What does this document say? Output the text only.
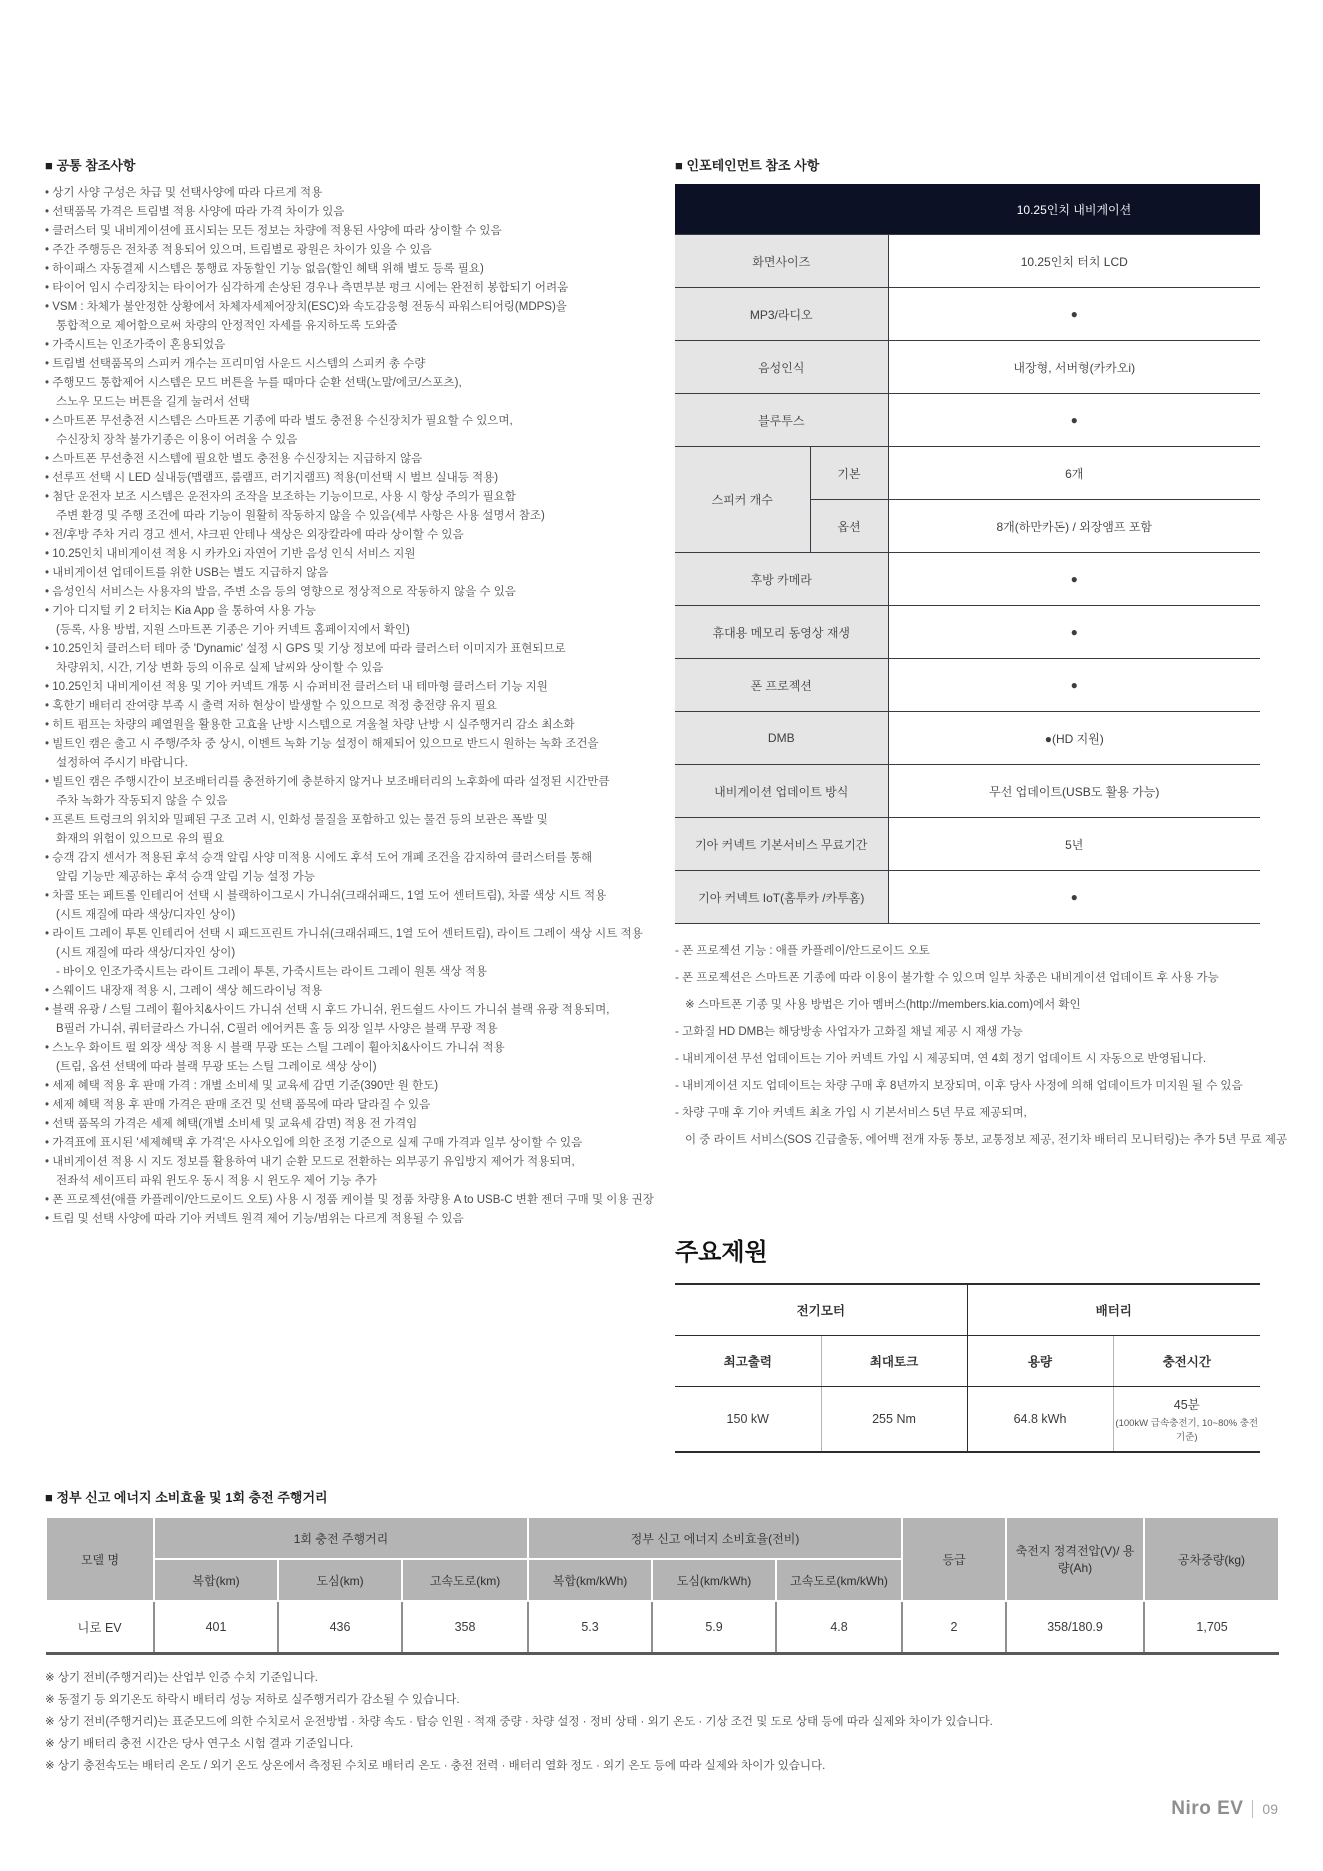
■ 공통 참조사항

• 상기 사양 구성은 차급 및 선택사양에 따라 다르게 적용

• 선택품목 가격은 트림별 적용 사양에 따라 가격 차이가 있음

• 클러스터 및 내비게이션에 표시되는 모든 정보는 차량에 적용된 사양에 따라 상이할 수 있음

• 주간 주행등은 전차종 적용되어 있으며, 트림별로 광원은 차이가 있을 수 있음

• 하이패스 자동결제 시스템은 통행료 자동할인 기능 없음(할인 혜택 위해 별도 등록 필요)

• 타이어 임시 수리장치는 타이어가 심각하게 손상된 경우나 측면부분 펑크 시에는 완전히 봉합되기 어려움

• VSM : 차체가 불안정한 상황에서 차체자세제어장치(ESC)와 속도감응형 전동식 파워스티어링(MDPS)을

통합적으로 제어함으로써 차량의 안정적인 자세를 유지하도록 도와줌

• 가죽시트는 인조가죽이 혼용되었음

• 트림별 선택품목의 스피커 개수는 프리미엄 사운드 시스템의 스피커 총 수량

• 주행모드 통합제어 시스템은 모드 버튼을 누를 때마다 순환 선택(노말/에코/스포츠),

스노우 모드는 버튼을 길게 눌러서 선택

• 스마트폰 무선충전 시스템은 스마트폰 기종에 따라 별도 충전용 수신장치가 필요할 수 있으며,

수신장치 장착 불가기종은 이용이 어려울 수 있음

• 스마트폰 무선충전 시스템에 필요한 별도 충전용 수신장치는 지급하지 않음

• 선루프 선택 시 LED 실내등(맵램프, 룸램프, 러기지램프) 적용(미선택 시 벌브 실내등 적용)

• 첨단 운전자 보조 시스템은 운전자의 조작을 보조하는 기능이므로, 사용 시 항상 주의가 필요함

주변 환경 및 주행 조건에 따라 기능이 원활히 작동하지 않을 수 있음(세부 사항은 사용 설명서 참조)

• 전/후방 주차 거리 경고 센서, 샤크핀 안테나 색상은 외장칼라에 따라 상이할 수 있음

• 10.25인치 내비게이션 적용 시 카카오i 자연어 기반 음성 인식 서비스 지원

• 내비게이션 업데이트를 위한 USB는 별도 지급하지 않음

• 음성인식 서비스는 사용자의 발음, 주변 소음 등의 영향으로 정상적으로 작동하지 않을 수 있음

• 기아 디지털 키 2 터치는 Kia App 을 통하여 사용 가능

(등록, 사용 방법, 지원 스마트폰 기종은 기아 커넥트 홈페이지에서 확인)

• 10.25인치 클러스터 테마 중 'Dynamic' 설정 시 GPS 및 기상 정보에 따라 클러스터 이미지가 표현되므로

차량위치, 시간, 기상 변화 등의 이유로 실제 날씨와 상이할 수 있음

• 10.25인치 내비게이션 적용 및 기아 커넥트 개통 시 슈퍼비전 클러스터 내 테마형 클러스터 기능 지원

• 혹한기 배터리 잔여량 부족 시 출력 저하 현상이 발생할 수 있으므로 적정 충전량 유지 필요

• 히트 펌프는 차량의 폐열원을 활용한 고효율 난방 시스템으로 겨울철 차량 난방 시 실주행거리 감소 최소화

• 빌트인 캠은 출고 시 주행/주차 중 상시, 이벤트 녹화 기능 설정이 해제되어 있으므로 반드시 원하는 녹화 조건을

설정하여 주시기 바랍니다.

• 빌트인 캠은 주행시간이 보조배터리를 충전하기에 충분하지 않거나 보조배터리의 노후화에 따라 설정된 시간만큼

주차 녹화가 작동되지 않을 수 있음

• 프론트 트렁크의 위치와 밀폐된 구조 고려 시, 인화성 물질을 포함하고 있는 물건 등의 보관은 폭발 및

화재의 위험이 있으므로 유의 필요

• 승객 감지 센서가 적용된 후석 승객 알림 사양 미적용 시에도 후석 도어 개폐 조건을 감지하여 클러스터를 통해

알림 기능만 제공하는 후석 승객 알림 기능 설정 가능

• 차콜 또는 페트롤 인테리어 선택 시 블랙하이그로시 가니쉬(크래쉬패드, 1열 도어 센터트림), 차콜 색상 시트 적용

(시트 재질에 따라 색상/디자인 상이)

• 라이트 그레이 투톤 인테리어 선택 시 패드프린트 가니쉬(크래쉬패드, 1열 도어 센터트림), 라이트 그레이 색상 시트 적용

(시트 재질에 따라 색상/디자인 상이)

- 바이오 인조가죽시트는 라이트 그레이 투톤, 가죽시트는 라이트 그레이 원톤 색상 적용

• 스웨이드 내장재 적용 시, 그레이 색상 헤드라이닝 적용

• 블랙 유광 / 스틸 그레이 휠아치&사이드 가니쉬 선택 시 후드 가니쉬, 윈드쉴드 사이드 가니쉬 블랙 유광 적용되며,

B필러 가니쉬, 쿼터글라스 가니쉬, C필러 에어커튼 홀 등 외장 일부 사양은 블랙 무광 적용

• 스노우 화이트 펄 외장 색상 적용 시 블랙 무광 또는 스틸 그레이 휠아치&사이드 가니쉬 적용

(트림, 옵션 선택에 따라 블랙 무광 또는 스틸 그레이로 색상 상이)

• 세제 혜택 적용 후 판매 가격 : 개별 소비세 및 교육세 감면 기준(390만 원 한도)

• 세제 혜택 적용 후 판매 가격은 판매 조건 및 선택 품목에 따라 달라질 수 있음

• 선택 품목의 가격은 세제 혜택(개별 소비세 및 교육세 감면) 적용 전 가격임

• 가격표에 표시된 '세제혜택 후 가격'은 사사오입에 의한 조정 기준으로 실제 구매 가격과 일부 상이할 수 있음

• 내비게이션 적용 시 지도 정보를 활용하여 내기 순환 모드로 전환하는 외부공기 유입방지 제어가 적용되며,

전좌석 세이프티 파워 윈도우 동시 적용 시 윈도우 제어 기능 추가

• 폰 프로젝션(애플 카플레이/안드로이드 오토) 사용 시 정품 케이블 및 정품 차량용 A to USB-C 변환 젠더 구매 및 이용 권장

• 트림 및 선택 사양에 따라 기아 커넥트 원격 제어 기능/범위는 다르게 적용될 수 있음

■ 인포테인먼트 참조 사항
		10.25인치 내비게이션
화면사이즈		10.25인치 터치 LCD
MP3/라디오		●
음성인식		내장형, 서버형(카카오i)
블루투스		●
스피커 개수	기본	6개
	옵션	8개(하만카돈) / 외장앰프 포함
후방 카메라		●
휴대용 메모리 동영상 재생		●
폰 프로젝션		●
DMB		●(HD 지원)
내비게이션 업데이트 방식		무선 업데이트(USB도 활용 가능)
기아 커넥트 기본서비스 무료기간		5년
기아 커넥트 IoT(홈투카 /카투홈)		●

- 폰 프로젝션 기능 : 애플 카플레이/안드로이드 오토

- 폰 프로젝션은 스마트폰 기종에 따라 이용이 불가할 수 있으며 일부 차종은 내비게이션 업데이트 후 사용 가능

※ 스마트폰 기종 및 사용 방법은 기아 멤버스(http://members.kia.com)에서 확인

- 고화질 HD DMB는 해당방송 사업자가 고화질 채널 제공 시 재생 가능

- 내비게이션 무선 업데이트는 기아 커넥트 가입 시 제공되며, 연 4회 정기 업데이트 시 자동으로 반영됩니다.

- 내비게이션 지도 업데이트는 차량 구매 후 8년까지 보장되며, 이후 당사 사정에 의해 업데이트가 미지원 될 수 있음

- 차량 구매 후 기아 커넥트 최초 가입 시 기본서비스 5년 무료 제공되며,

이 중 라이트 서비스(SOS 긴급출동, 에어백 전개 자동 통보, 교통정보 제공, 전기차 배터리 모니터링)는 추가 5년 무료 제공

주요제원
전기모터		배터리	
최고출력	최대토크	용량	충전시간
150 kW	255 Nm	64.8 kWh	45분
(100kW 급속충전기, 10~80% 충전 기준)
■ 정부 신고 에너지 소비효율 및 1회 충전 주행거리
모델 명	1회 충전 주행거리			정부 신고 에너지 소비효율(전비)			등급	축전지 정격전압(V)/ 용량(Ah)	공차중량(kg)
	복합(km)	도심(km)	고속도로(km)	복합(km/kWh)	도심(km/kWh)	고속도로(km/kWh)			
니로 EV	401	436	358	5.3	5.9	4.8	2	358/180.9	1,705

※ 상기 전비(주행거리)는 산업부 인증 수치 기준입니다.

※ 동절기 등 외기온도 하락시 배터리 성능 저하로 실주행거리가 감소될 수 있습니다.

※ 상기 전비(주행거리)는 표준모드에 의한 수치로서 운전방법 · 차량 속도 · 탑승 인원 · 적재 중량 · 차량 설정 · 정비 상태 · 외기 온도 · 기상 조건 및 도로 상태 등에 따라 실제와 차이가 있습니다.

※ 상기 배터리 충전 시간은 당사 연구소 시험 결과 기준입니다.

※ 상기 충전속도는 배터리 온도 / 외기 온도 상온에서 측정된 수치로 배터리 온도 · 충전 전력 · 배터리 열화 정도 · 외기 온도 등에 따라 실제와 차이가 있습니다.

Niro EV 09
